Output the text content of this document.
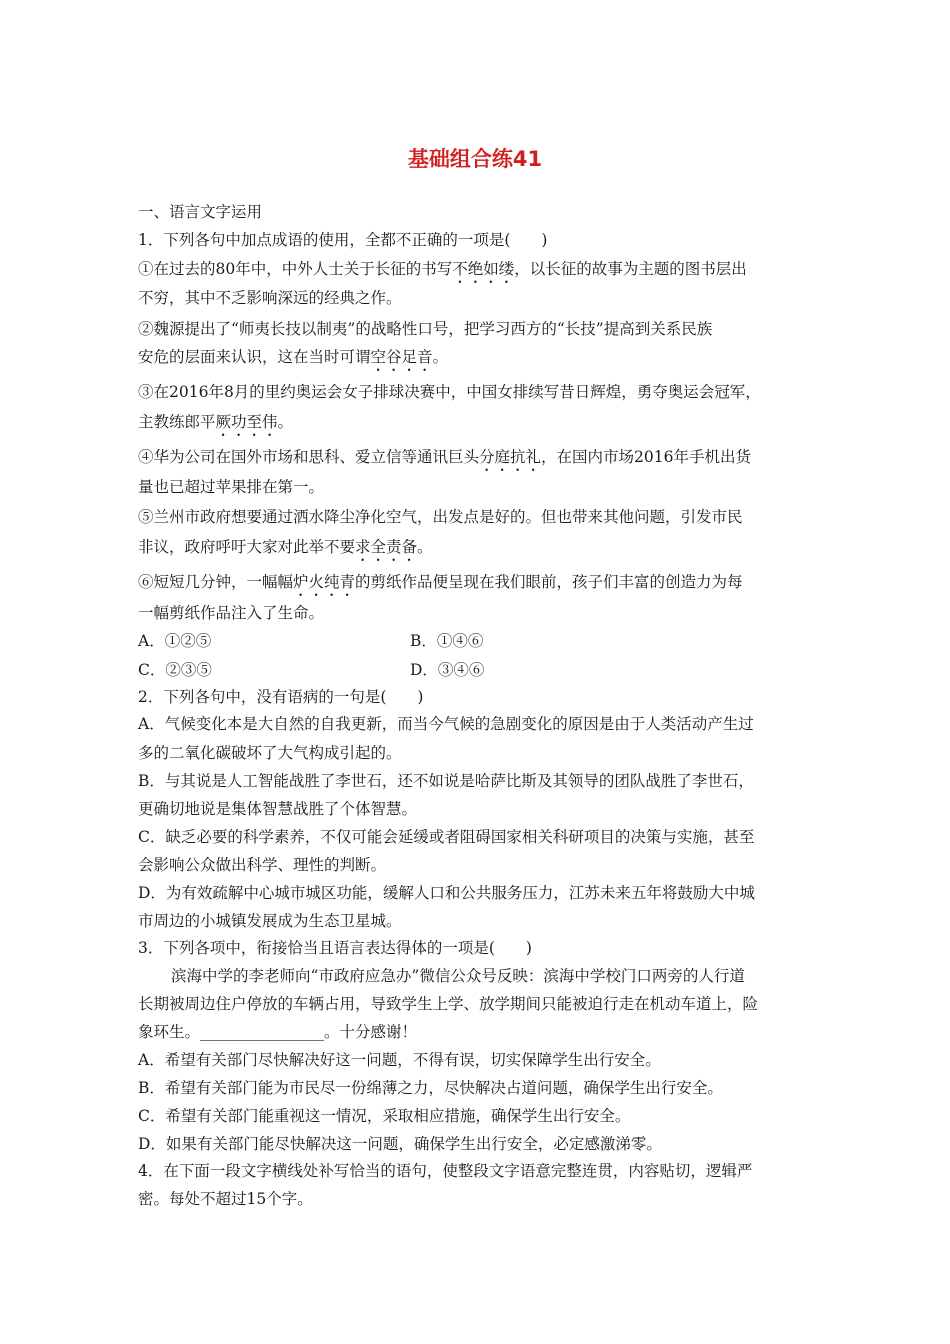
基础组合练41
一、语言文字运用
1．下列各句中加点成语的使用，全都不正确的一项是(　　)
①在过去的80年中，中外人士关于长征的书写不绝如缕，以长征的故事为主题的图书层出
不穷，其中不乏影响深远的经典之作。
②魏源提出了“师夷长技以制夷”的战略性口号，把学习西方的“长技”提高到关系民族
安危的层面来认识，这在当时可谓空谷足音。
③在2016年8月的里约奥运会女子排球决赛中，中国女排续写昔日辉煌，勇夺奥运会冠军，
主教练郎平厥功至伟。
④华为公司在国外市场和思科、爱立信等通讯巨头分庭抗礼，在国内市场2016年手机出货
量也已超过苹果排在第一。
⑤兰州市政府想要通过洒水降尘净化空气，出发点是好的。但也带来其他问题，引发市民
非议，政府呼吁大家对此举不要求全责备。
⑥短短几分钟，一幅幅炉火纯青的剪纸作品便呈现在我们眼前，孩子们丰富的创造力为每
一幅剪纸作品注入了生命。
A．①②⑤	B．①④⑥
C．②③⑤	D．③④⑥
2．下列各句中，没有语病的一句是(　　)
A．气候变化本是大自然的自我更新，而当今气候的急剧变化的原因是由于人类活动产生过
多的二氧化碳破坏了大气构成引起的。
B．与其说是人工智能战胜了李世石，还不如说是哈萨比斯及其领导的团队战胜了李世石，
更确切地说是集体智慧战胜了个体智慧。
C．缺乏必要的科学素养，不仅可能会延缓或者阻碍国家相关科研项目的决策与实施，甚至
会影响公众做出科学、理性的判断。
D．为有效疏解中心城市城区功能，缓解人口和公共服务压力，江苏未来五年将鼓励大中城
市周边的小城镇发展成为生态卫星城。
3．下列各项中，衔接恰当且语言表达得体的一项是(　　)
滨海中学的李老师向“市政府应急办”微信公众号反映：滨海中学校门口两旁的人行道
长期被周边住户停放的车辆占用，导致学生上学、放学期间只能被迫行走在机动车道上，险
象环生。________________。十分感谢！
A．希望有关部门尽快解决好这一问题，不得有误，切实保障学生出行安全。
B．希望有关部门能为市民尽一份绵薄之力，尽快解决占道问题，确保学生出行安全。
C．希望有关部门能重视这一情况，采取相应措施，确保学生出行安全。
D．如果有关部门能尽快解决这一问题，确保学生出行安全，必定感激涕零。
4．在下面一段文字横线处补写恰当的语句，使整段文字语意完整连贯，内容贴切，逻辑严
密。每处不超过15个字。
